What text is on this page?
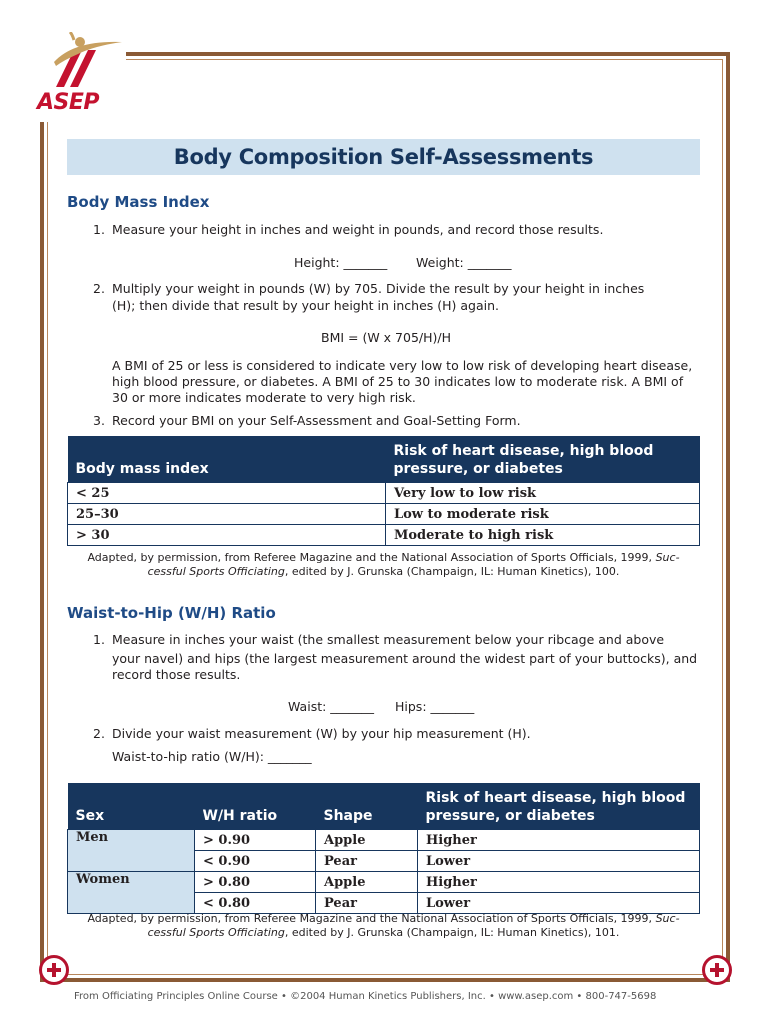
ASEP
Body Composition Self-Assessments
Body Mass Index
1. Measure your height in inches and weight in pounds, and record those results.
Height: _______ Weight: _______
2. Multiply your weight in pounds (W) by 705. Divide the result by your height in inches
(H); then divide that result by your height in inches (H) again.
BMI = (W x 705/H)/H
A BMI of 25 or less is considered to indicate very low to low risk of developing heart disease,
high blood pressure, or diabetes. A BMI of 25 to 30 indicates low to moderate risk. A BMI of
30 or more indicates moderate to very high risk.
3. Record your BMI on your Self-Assessment and Goal-Setting Form.
Body mass index	Risk of heart disease, high blood
pressure, or diabetes
< 25	Very low to low risk
25–30	Low to moderate risk
> 30	Moderate to high risk
Adapted, by permission, from Referee Magazine and the National Association of Sports Officials, 1999, Suc-
cessful Sports Officiating, edited by J. Grunska (Champaign, IL: Human Kinetics), 100.
Waist-to-Hip (W/H) Ratio
1. Measure in inches your waist (the smallest measurement below your ribcage and above
your navel) and hips (the largest measurement around the widest part of your buttocks), and
record those results.
Waist: _______ Hips: _______
2. Divide your waist measurement (W) by your hip measurement (H).
Waist-to-hip ratio (W/H): _______
Sex	W/H ratio	Shape	Risk of heart disease, high blood
pressure, or diabetes
Men	> 0.90	Apple	Higher
	< 0.90	Pear	Lower
Women	> 0.80	Apple	Higher
	< 0.80	Pear	Lower
Adapted, by permission, from Referee Magazine and the National Association of Sports Officials, 1999, Suc-
cessful Sports Officiating, edited by J. Grunska (Champaign, IL: Human Kinetics), 101.
From Officiating Principles Online Course • ©2004 Human Kinetics Publishers, Inc. • www.asep.com • 800-747-5698
